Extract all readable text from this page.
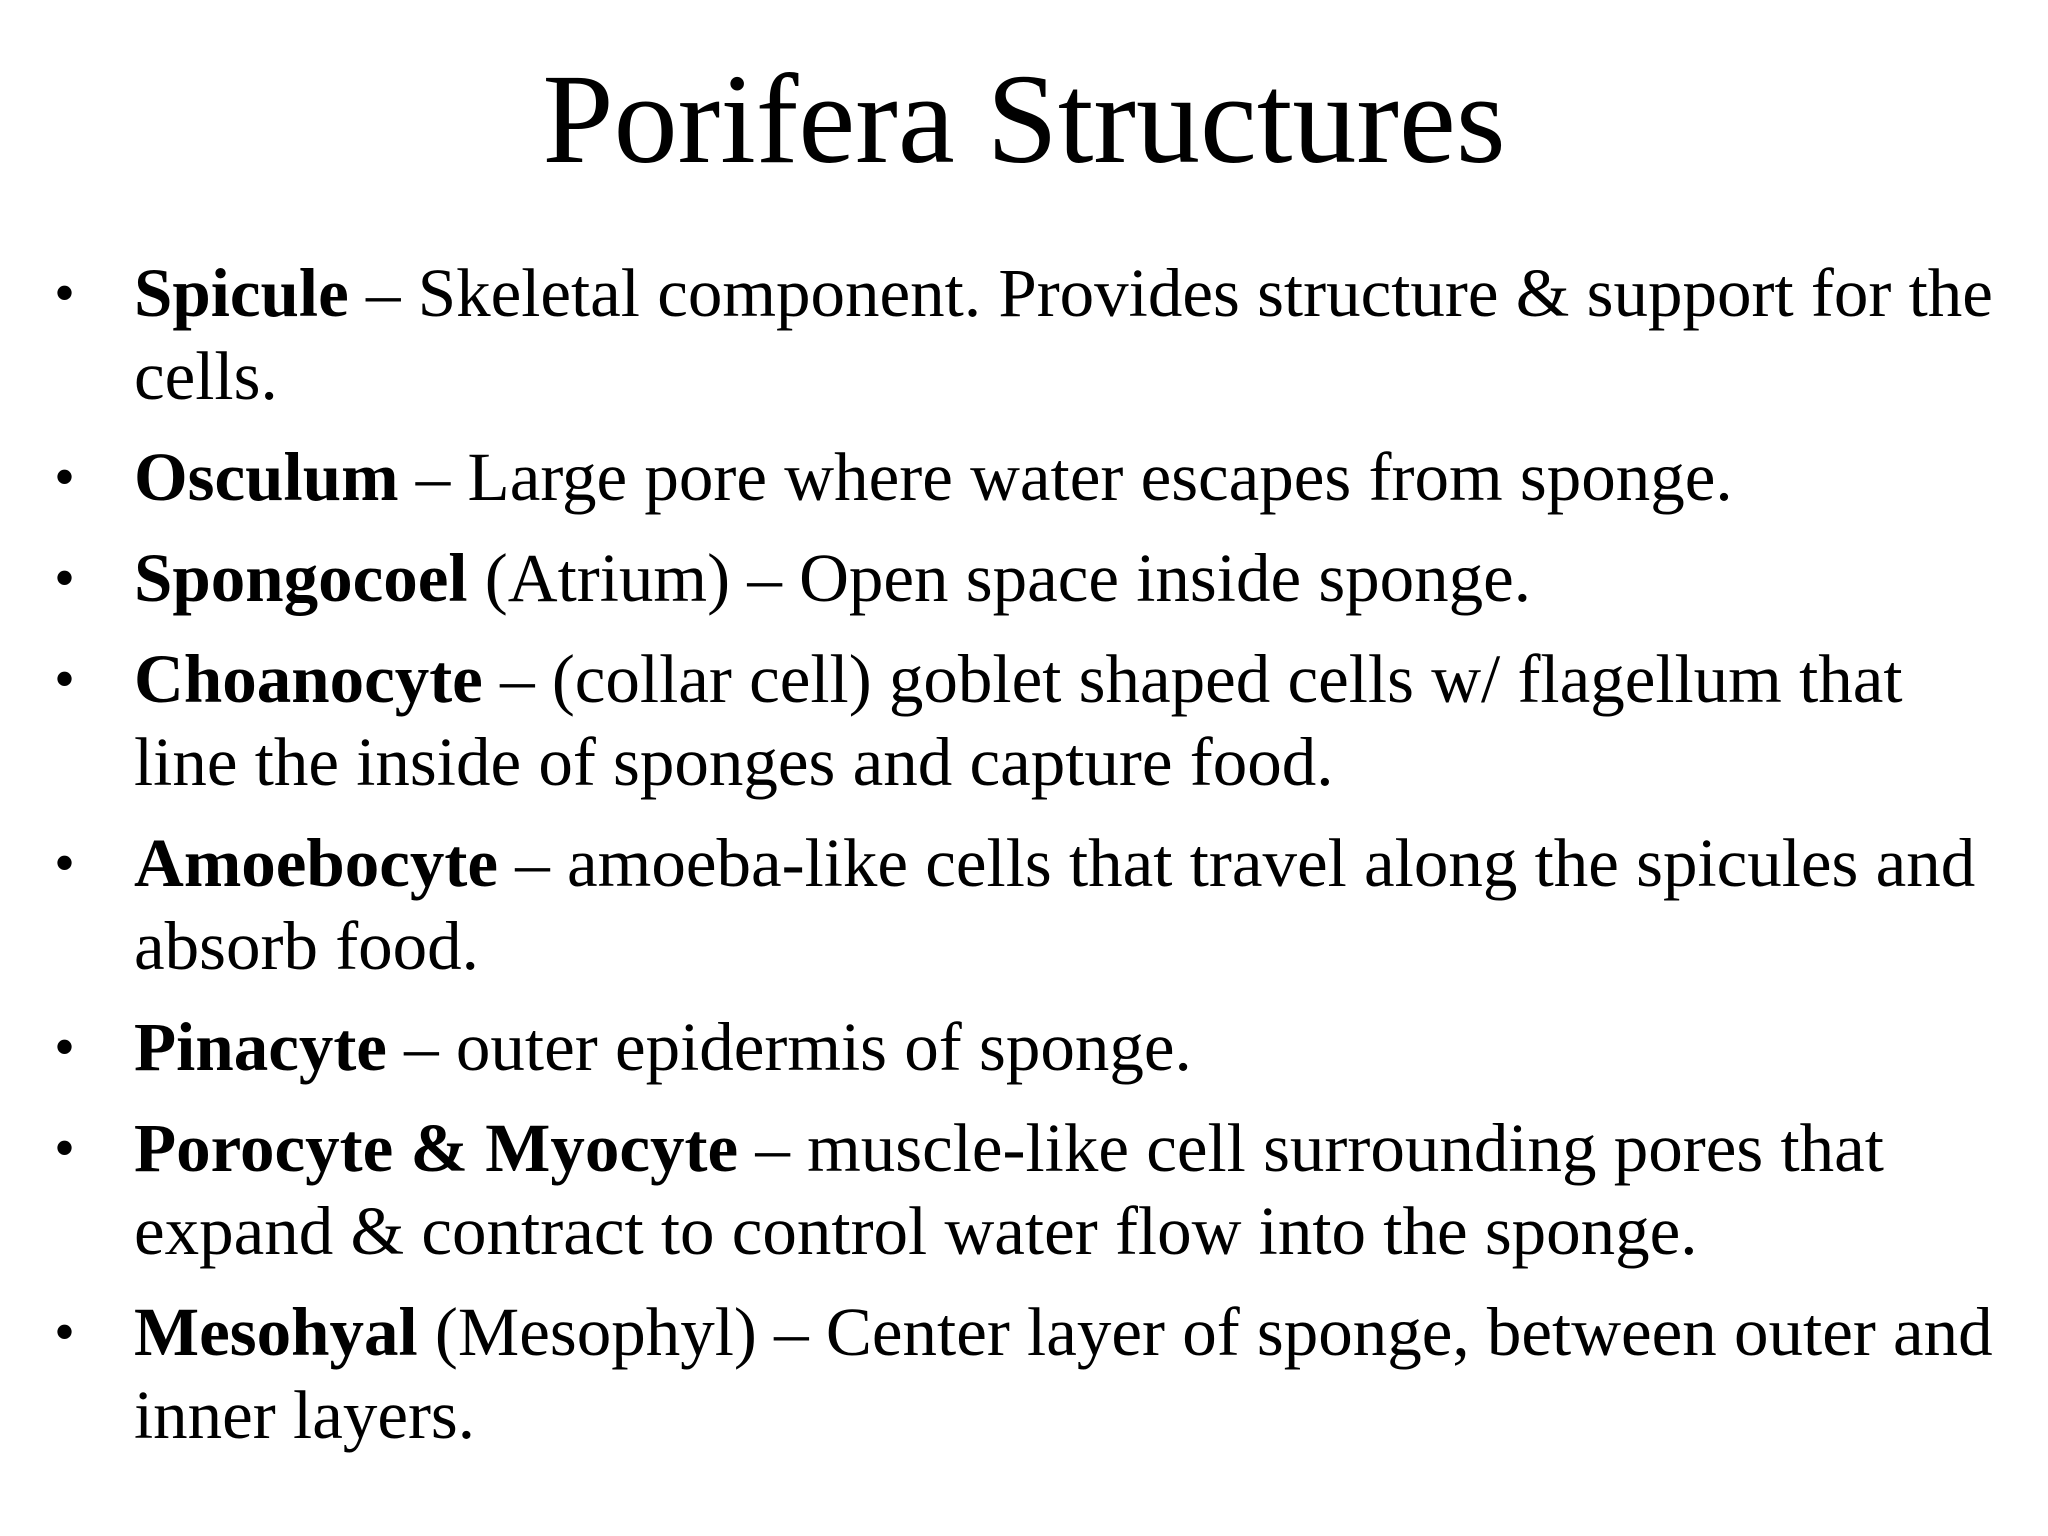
Porifera Structures
• Spicule – Skeletal component. Provides structure & support for the cells.
• Osculum – Large pore where water escapes from sponge.
• Spongocoel (Atrium) – Open space inside sponge.
• Choanocyte – (collar cell) goblet shaped cells w/ flagellum that line the inside of sponges and capture food.
• Amoebocyte – amoeba-like cells that travel along the spicules and absorb food.
• Pinacyte – outer epidermis of sponge.
• Porocyte & Myocyte – muscle-like cell surrounding pores that expand & contract to control water flow into the sponge.
• Mesohyal (Mesophyl) – Center layer of sponge, between outer and inner layers.
